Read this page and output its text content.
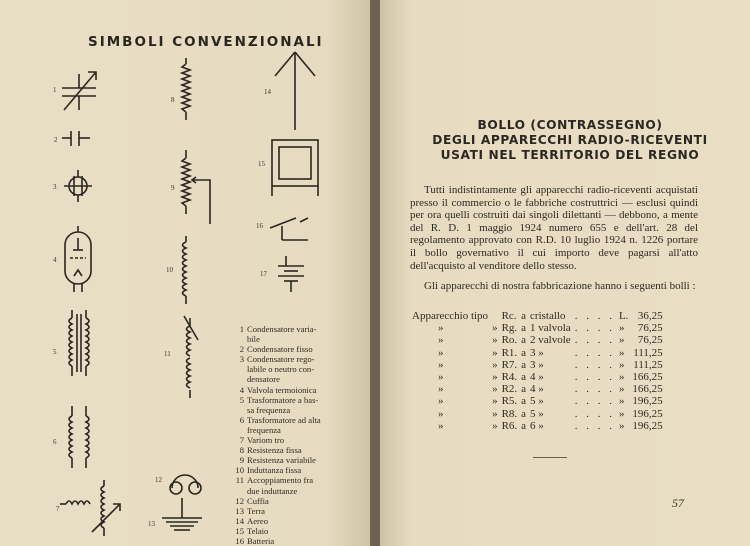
SIMBOLI CONVENZIONALI
1
2
3
4
5
6
7
8
9
10
11
12
13
14
15
16
17
1 Condensatore varia-
bile
2 Condensatore fisso
3 Condensatore rego-
labile o neutro con-
densatore
4 Valvola termoionica
5 Trasformatore a bas-
sa frequenza
6 Trasformatore ad alta
frequenza
7 Variom tro
8 Resistenza fissa
9 Resistenza variabile
10 Induttanza fissa
11 Accoppiamento fra
due induttanze
12 Cuffia
13 Terra
14 Aereo
15 Telaio
16 Batteria
BOLLO (CONTRASSEGNO)
DEGLI APPARECCHI RADIO-RICEVENTI
USATI NEL TERRITORIO DEL REGNO

Tutti indistintamente gli apparecchi radio-riceventi acquistati presso il commercio o le fabbriche costruttrici — esclusi quindi per ora quelli costruiti dai singoli dilettanti — debbono, a mente del R. D. 1 maggio 1924 numero 655 e dell'art. 28 del regolamento approvato con R.D. 10 luglio 1924 n. 1226 portare il bollo governativo il cui importo deve pagarsi all'atto dell'acquisto al venditore dello stesso.

Gli apparecchi di nostra fabbricazione hanno i seguenti bolli :

Apparecchio tipo		Rc.	a	cristallo	. . . .	L.	36,25
»	»	Rg.	a	1 valvola	. . . .	»	76,25
»	»	Ro.	a	2 valvole	. . . .	»	76,25
»	»	R1.	a	3 »	. . . .	»	111,25
»	»	R7.	a	3 »	. . . .	»	111,25
»	»	R4.	a	4 »	. . . .	»	166,25
»	»	R2.	a	4 »	. . . .	»	166,25
»	»	R5.	a	5 »	. . . .	»	196,25
»	»	R8.	a	5 »	. . . .	»	196,25
»	»	R6.	a	6 »	. . . .	»	196,25
57
